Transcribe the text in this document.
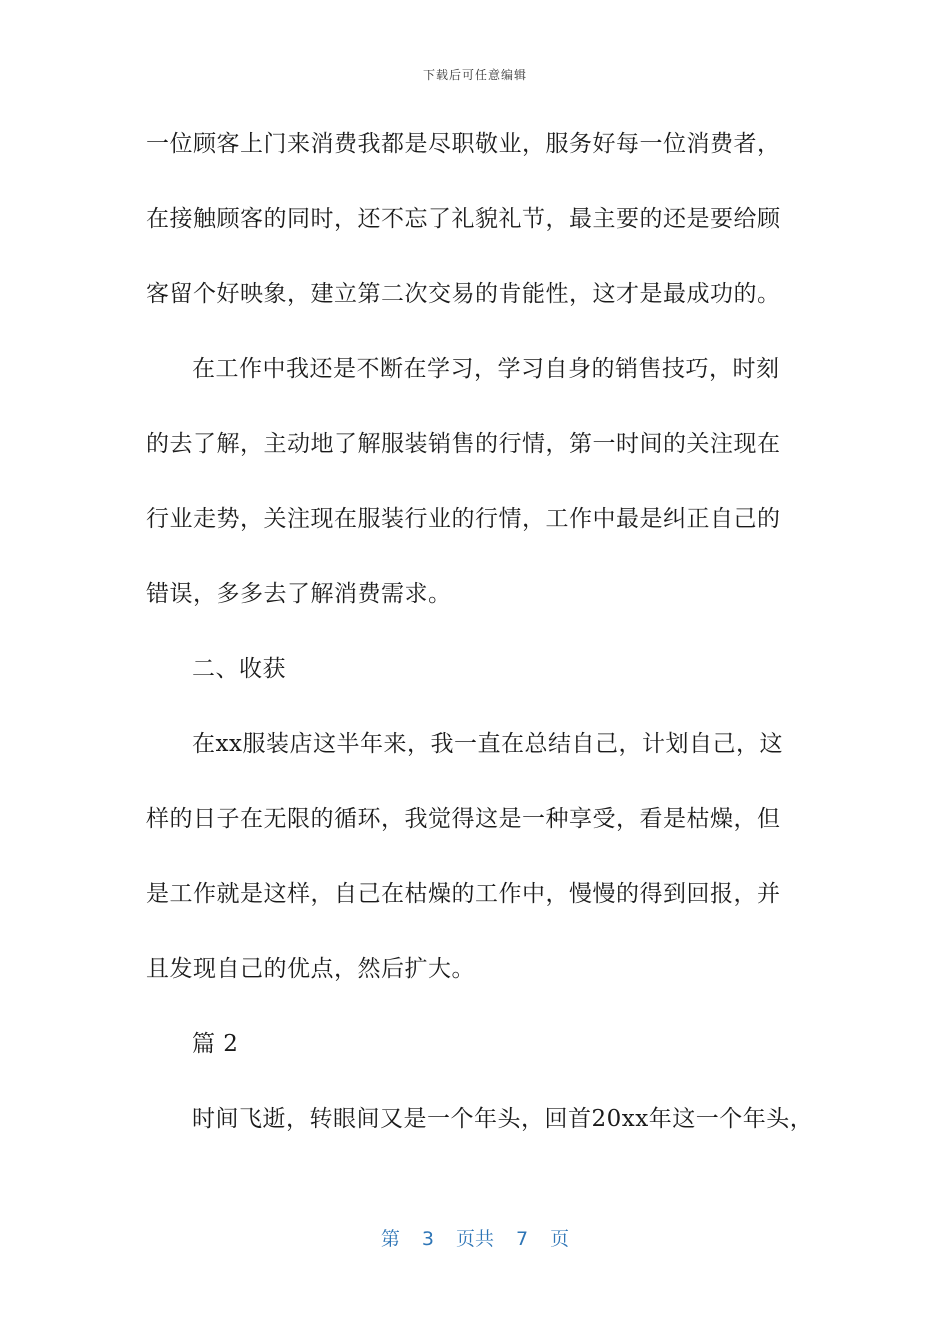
下载后可任意编辑
一位顾客上门来消费我都是尽职敬业，服务好每一位消费者，
在接触顾客的同时，还不忘了礼貌礼节，最主要的还是要给顾
客留个好映象，建立第二次交易的肯能性，这才是最成功的。
在工作中我还是不断在学习，学习自身的销售技巧，时刻
的去了解，主动地了解服装销售的行情，第一时间的关注现在
行业走势，关注现在服装行业的行情，工作中最是纠正自己的
错误，多多去了解消费需求。
二、收获
在xx服装店这半年来，我一直在总结自己，计划自己，这
样的日子在无限的循环，我觉得这是一种享受，看是枯燥，但
是工作就是这样，自己在枯燥的工作中，慢慢的得到回报，并
且发现自己的优点，然后扩大。
篇 2
时间飞逝，转眼间又是一个年头，回首20xx年这一个年头，
第 3 页共 7 页
